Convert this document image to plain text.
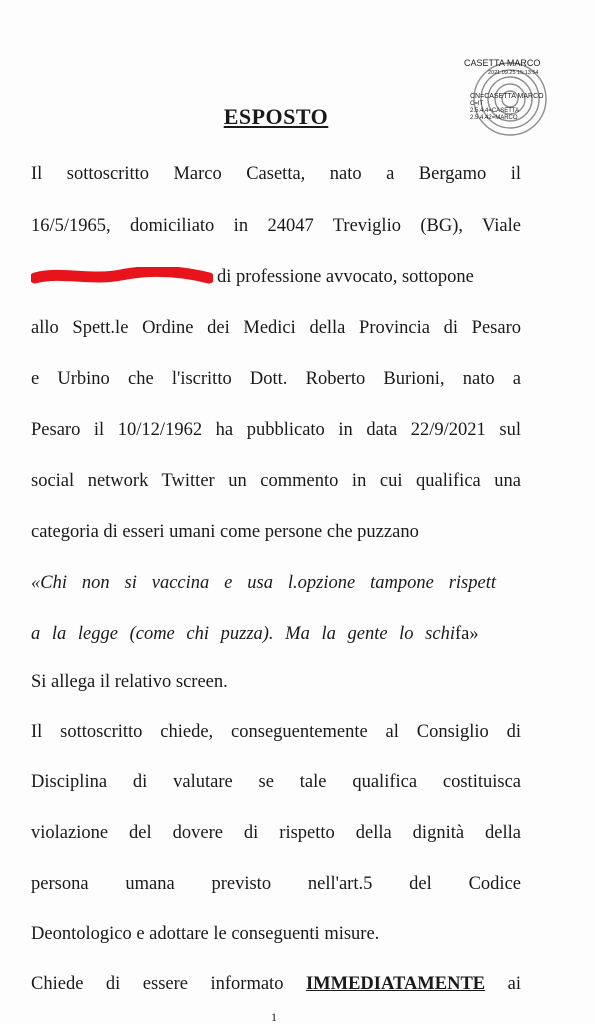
CASETTA MARCO
2021.09.25 15:13:54
CN=CASETTA MARCO
C=IT
2.5.4.4=CASETTA
2.5.4.42=MARCO
ESPOSTO
Il sottoscritto Marco Casetta, nato a Bergamo il
16/5/1965, domiciliato in 24047 Treviglio (BG), Viale
di professione avvocato, sottopone
allo Spett.le Ordine dei Medici della Provincia di Pesaro
e Urbino che l'iscritto Dott. Roberto Burioni, nato a
Pesaro il 10/12/1962 ha pubblicato in data 22/9/2021 sul
social network Twitter un commento in cui qualifica una
categoria di esseri umani come persone che puzzano
«Chi non si vaccina e usa l.opzione tampone rispett
a la legge (come chi puzza). Ma la gente lo schifa»
Si allega il relativo screen.
Il sottoscritto chiede, conseguentemente al Consiglio di
Disciplina di valutare se tale qualifica costituisca
violazione del dovere di rispetto della dignità della
persona umana previsto nell'art.5 del Codice
Deontologico e adottare le conseguenti misure.
Chiede di essere informato IMMEDIATAMENTE ai
1
